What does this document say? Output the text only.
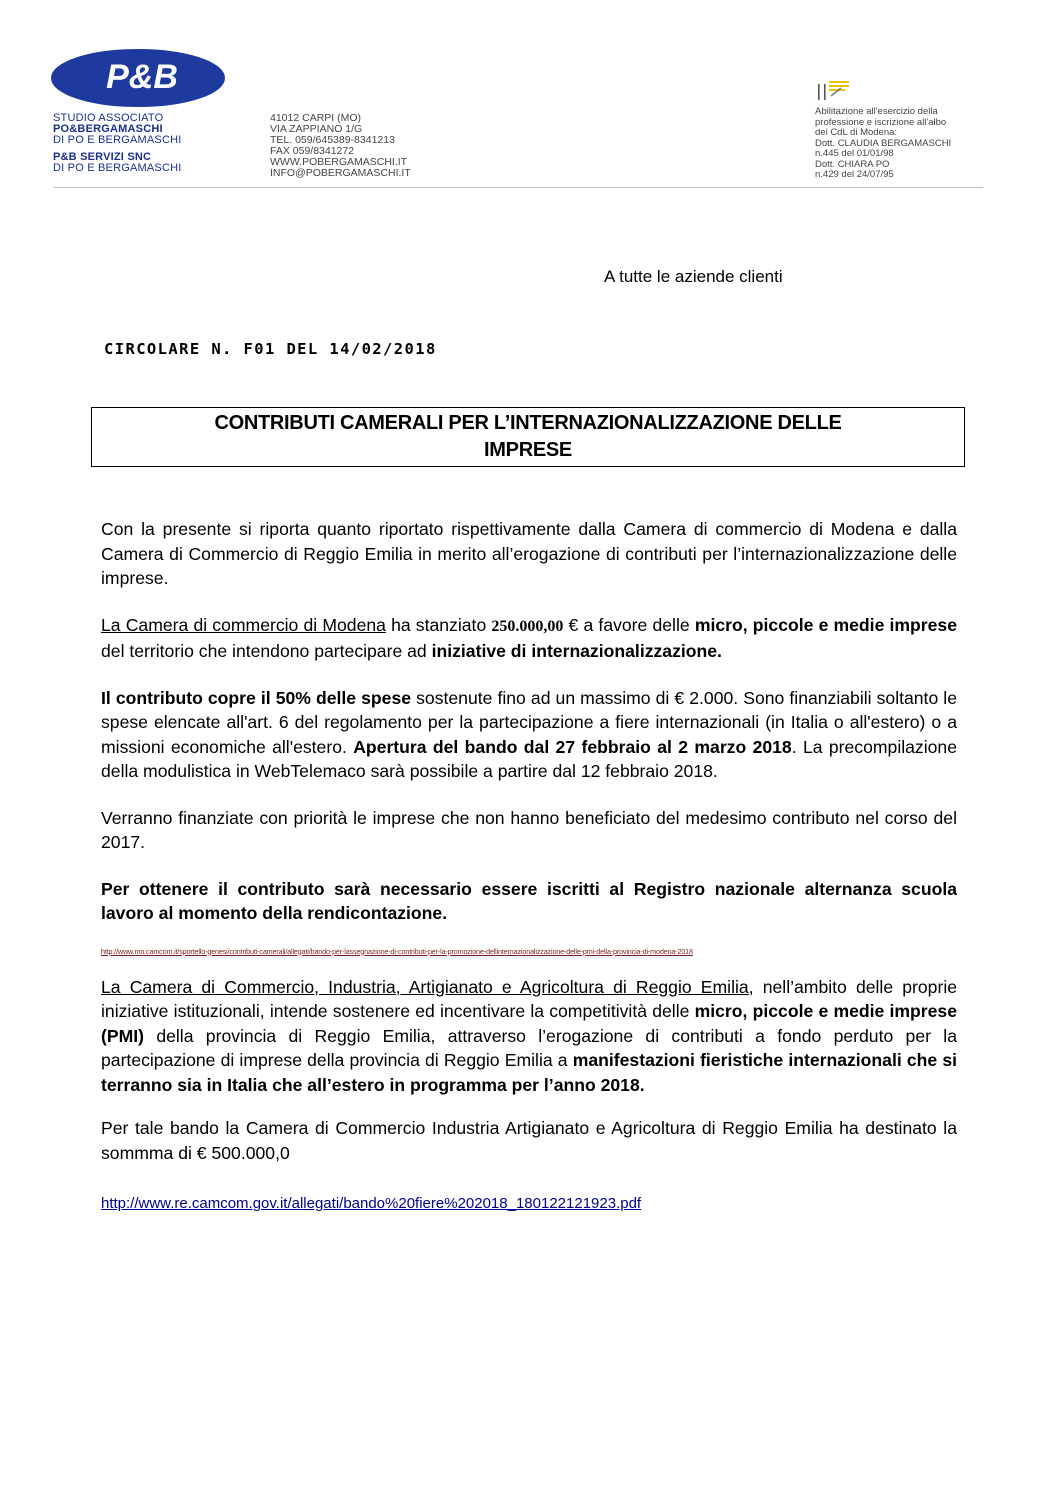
P&B
STUDIO ASSOCIATO
PO&BERGAMASCHI
DI PO E BERGAMASCHI
P&B SERVIZI SNC
DI PO E BERGAMASCHI
41012 CARPI (MO)
VIA ZAPPIANO 1/G
TEL. 059/645389-8341213
FAX 059/8341272
WWW.POBERGAMASCHI.IT
INFO@POBERGAMASCHI.IT
Abilitazione all'esercizio della
professione e iscrizione all'albo
dei CdL di Modena:
Dott. CLAUDIA BERGAMASCHI
n.445 del 01/01/98
Dott. CHIARA PO
n.429 del 24/07/95
A tutte le aziende clienti
CIRCOLARE N. F01 DEL 14/02/2018
CONTRIBUTI CAMERALI PER L’INTERNAZIONALIZZAZIONE DELLE
IMPRESE

Con la presente si riporta quanto riportato rispettivamente dalla Camera di commercio di Modena e dalla Camera di Commercio di Reggio Emilia in merito all’erogazione di contributi per l’internazionalizzazione delle imprese.

La Camera di commercio di Modena ha stanziato 250.000,00 € a favore delle micro, piccole e medie imprese del territorio che intendono partecipare ad iniziative di internazionalizzazione.

Il contributo copre il 50% delle spese sostenute fino ad un massimo di € 2.000. Sono finanziabili soltanto le spese elencate all'art. 6 del regolamento per la partecipazione a fiere internazionali (in Italia o all'estero) o a missioni economiche all'estero. Apertura del bando dal 27 febbraio al 2 marzo 2018. La precompilazione della modulistica in WebTelemaco sarà possibile a partire dal 12 febbraio 2018.

Verranno finanziate con priorità le imprese che non hanno beneficiato del medesimo contributo nel corso del 2017.

Per ottenere il contributo sarà necessario essere iscritti al Registro nazionale alternanza scuola lavoro al momento della rendicontazione.

http://www.mo.camcom.it/sportello-genesi/contributi-camerali/allegati/bando-per-lassegnazione-di-contributi-per-la-promozione-dellinternazionalizzazione-delle-pmi-della-provincia-di-modena-2018

La Camera di Commercio, Industria, Artigianato e Agricoltura di Reggio Emilia, nell’ambito delle proprie iniziative istituzionali, intende sostenere ed incentivare la competitività delle micro, piccole e medie imprese (PMI) della provincia di Reggio Emilia, attraverso l’erogazione di contributi a fondo perduto per la partecipazione di imprese della provincia di Reggio Emilia a manifestazioni fieristiche internazionali che si terranno sia in Italia che all’estero in programma per l’anno 2018.

Per tale bando la Camera di Commercio Industria Artigianato e Agricoltura di Reggio Emilia ha destinato la sommma di € 500.000,0

http://www.re.camcom.gov.it/allegati/bando%20fiere%202018_180122121923.pdf
